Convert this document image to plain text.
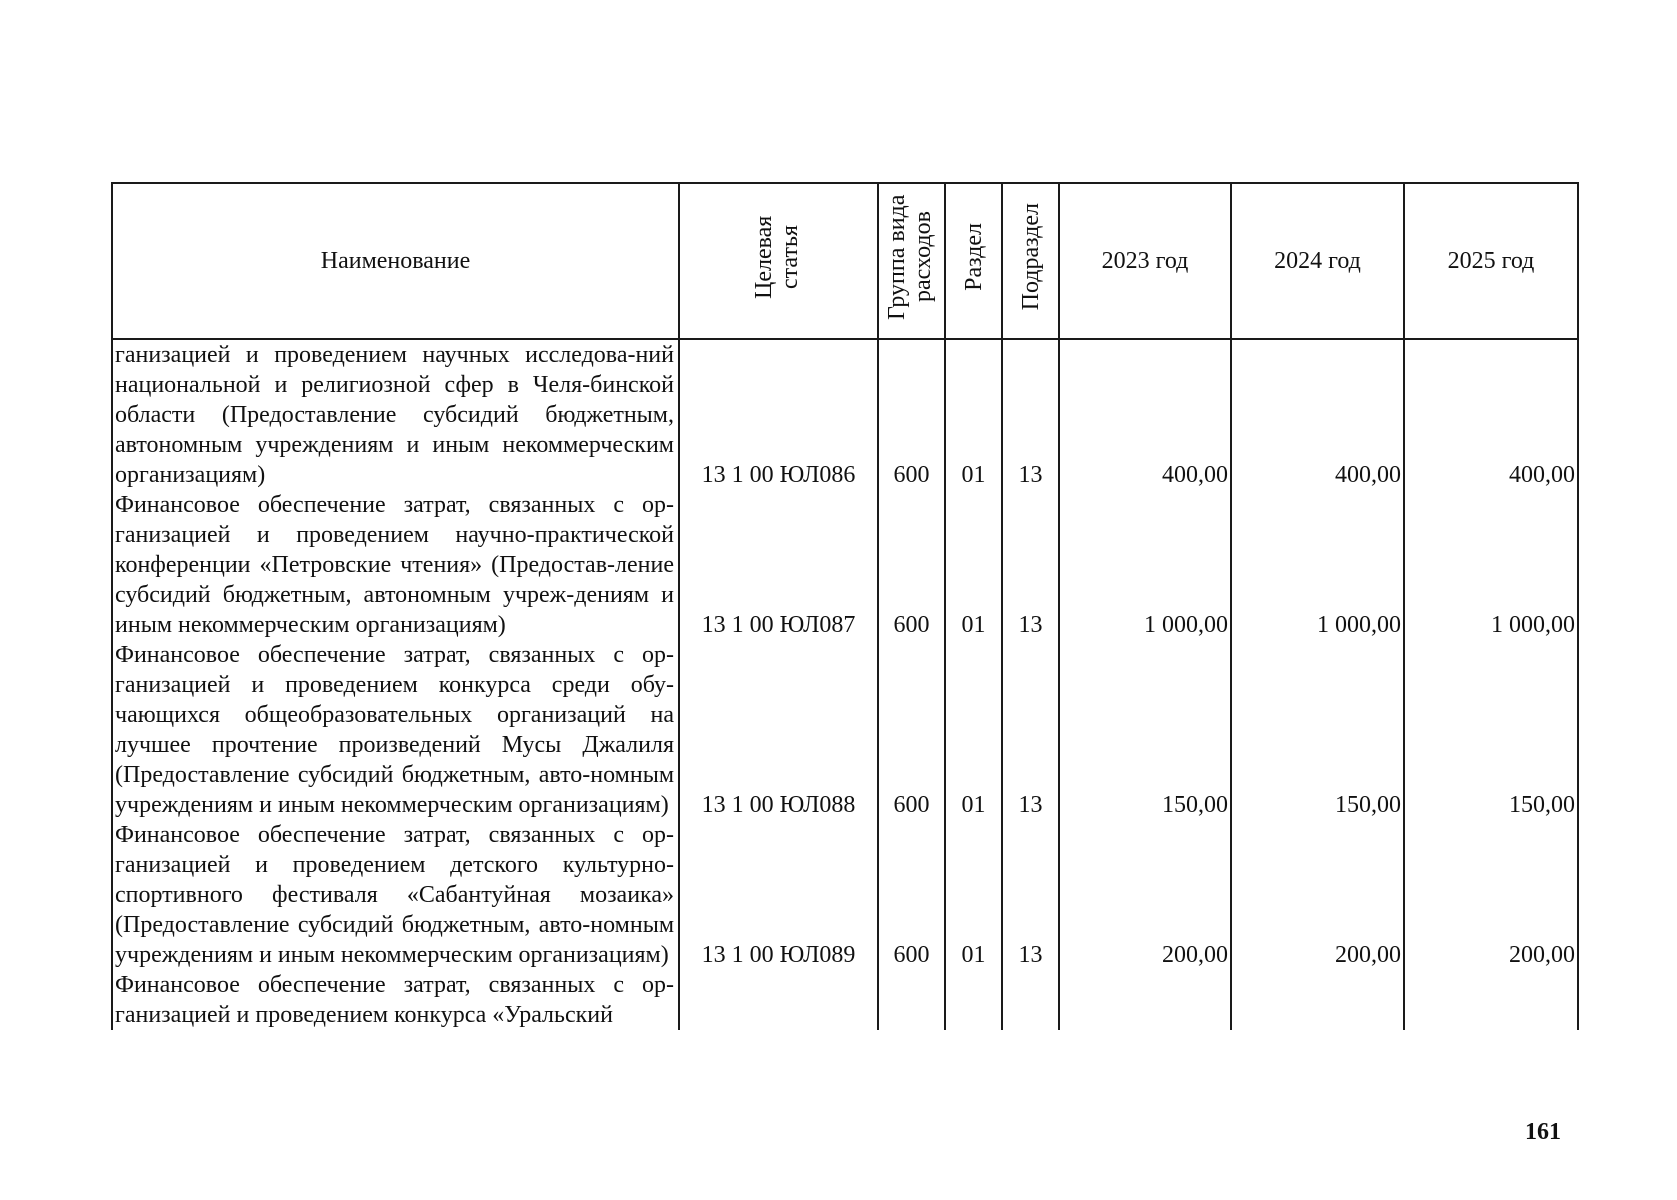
Наименование	Целевая статья	Группа вида расходов	Раздел	Подраздел	2023 год	2024 год	2025 год
ганизацией и проведением научных исследова-ний национальной и религиозной сфер в Челя-бинской области (Предоставление субсидий бюджетным, автономным учреждениям и иным некоммерческим организациям)	13 1 00 ЮЛ086	600	01	13	400,00	400,00	400,00
Финансовое обеспечение затрат, связанных с ор-ганизацией и проведением научно-практической конференции «Петровские чтения» (Предостав-ление субсидий бюджетным, автономным учреж-дениям и иным некоммерческим организациям)	13 1 00 ЮЛ087	600	01	13	1 000,00	1 000,00	1 000,00
Финансовое обеспечение затрат, связанных с ор-ганизацией и проведением конкурса среди обу-чающихся общеобразовательных организаций на лучшее прочтение произведений Мусы Джалиля (Предоставление субсидий бюджетным, авто-номным учреждениям и иным некоммерческим организациям)	13 1 00 ЮЛ088	600	01	13	150,00	150,00	150,00
Финансовое обеспечение затрат, связанных с ор-ганизацией и проведением детского культурно-спортивного фестиваля «Сабантуйная мозаика» (Предоставление субсидий бюджетным, авто-номным учреждениям и иным некоммерческим организациям)	13 1 00 ЮЛ089	600	01	13	200,00	200,00	200,00
Финансовое обеспечение затрат, связанных с ор-ганизацией и проведением конкурса «Уральский							
161
